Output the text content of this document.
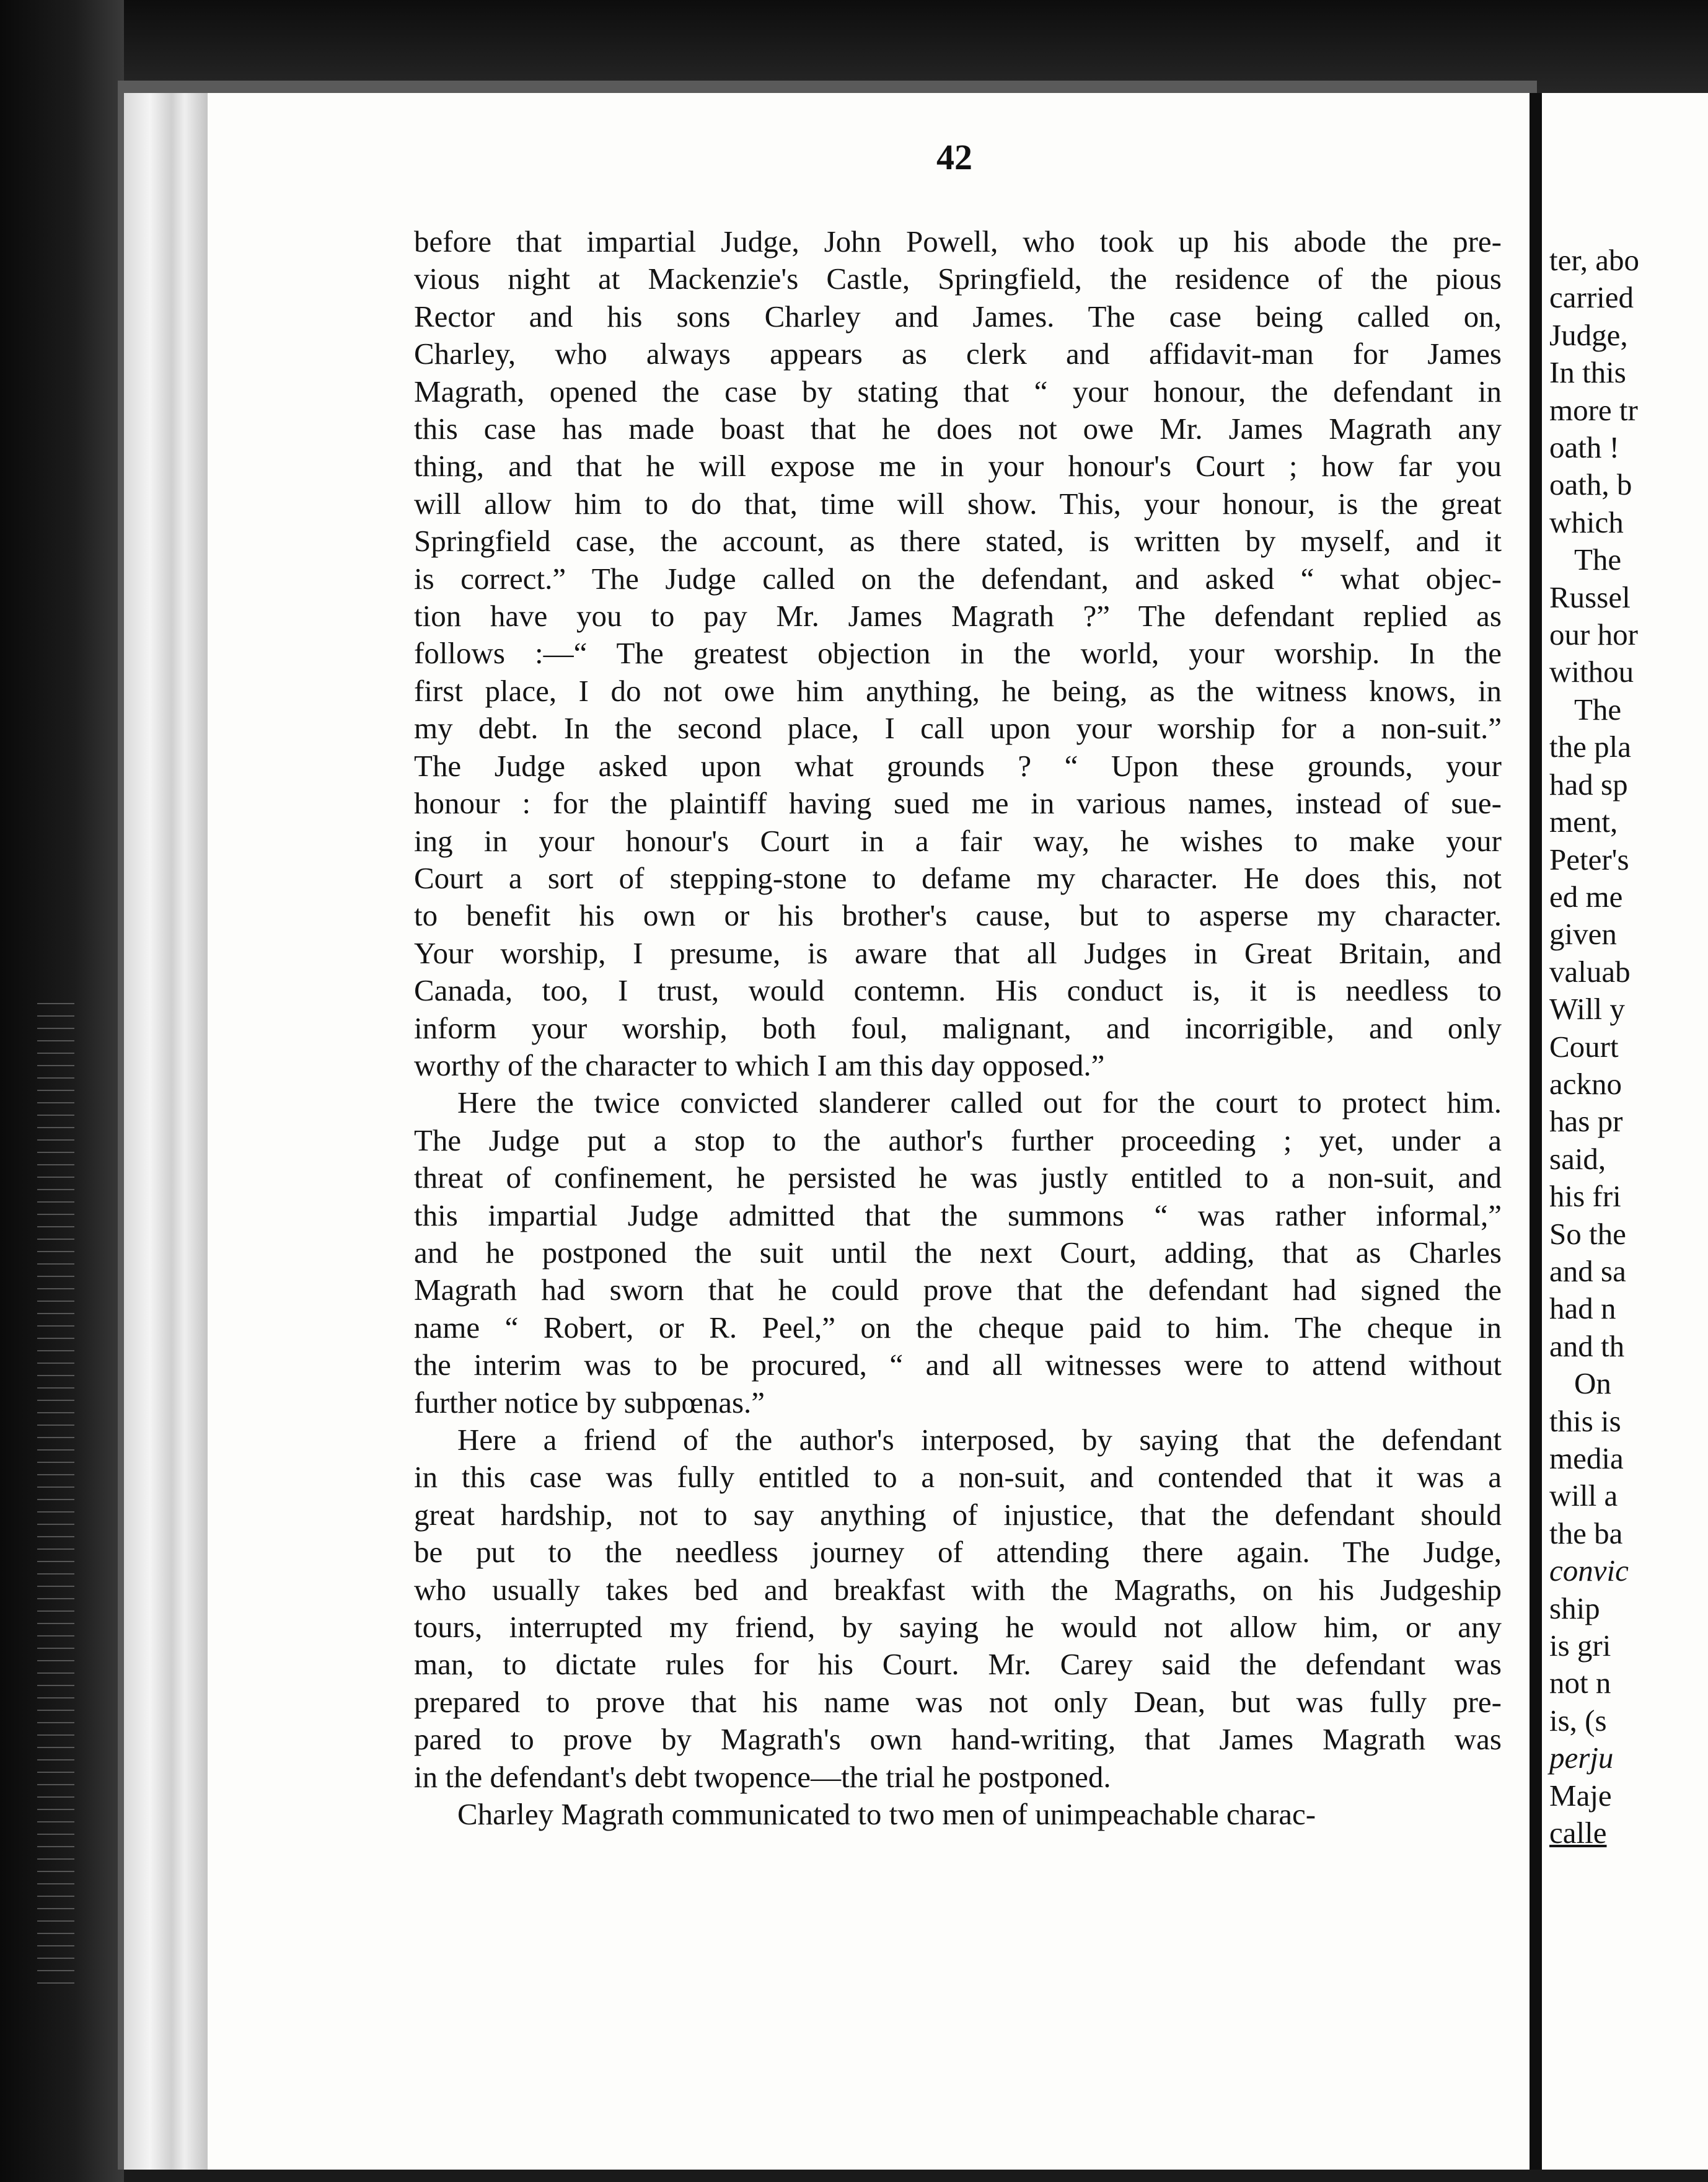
42
before that impartial Judge, John Powell, who took up his abode the pre-
vious night at Mackenzie's Castle, Springfield, the residence of the pious
Rector and his sons Charley and James. The case being called on,
Charley, who always appears as clerk and affidavit-man for James
Magrath, opened the case by stating that “ your honour, the defendant in
this case has made boast that he does not owe Mr. James Magrath any
thing, and that he will expose me in your honour's Court ; how far you
will allow him to do that, time will show. This, your honour, is the great
Springfield case, the account, as there stated, is written by myself, and it
is correct.” The Judge called on the defendant, and asked “ what objec-
tion have you to pay Mr. James Magrath ?” The defendant replied as
follows :—“ The greatest objection in the world, your worship. In the
first place, I do not owe him anything, he being, as the witness knows, in
my debt. In the second place, I call upon your worship for a non-suit.”
The Judge asked upon what grounds ? “ Upon these grounds, your
honour : for the plaintiff having sued me in various names, instead of sue-
ing in your honour's Court in a fair way, he wishes to make your
Court a sort of stepping-stone to defame my character. He does this, not
to benefit his own or his brother's cause, but to asperse my character.
Your worship, I presume, is aware that all Judges in Great Britain, and
Canada, too, I trust, would contemn. His conduct is, it is needless to
inform your worship, both foul, malignant, and incorrigible, and only
worthy of the character to which I am this day opposed.”
Here the twice convicted slanderer called out for the court to protect him.
The Judge put a stop to the author's further proceeding ; yet, under a
threat of confinement, he persisted he was justly entitled to a non-suit, and
this impartial Judge admitted that the summons “ was rather informal,”
and he postponed the suit until the next Court, adding, that as Charles
Magrath had sworn that he could prove that the defendant had signed the
name “ Robert, or R. Peel,” on the cheque paid to him. The cheque in
the interim was to be procured, “ and all witnesses were to attend without
further notice by subpœnas.”
Here a friend of the author's interposed, by saying that the defendant
in this case was fully entitled to a non-suit, and contended that it was a
great hardship, not to say anything of injustice, that the defendant should
be put to the needless journey of attending there again. The Judge,
who usually takes bed and breakfast with the Magraths, on his Judgeship
tours, interrupted my friend, by saying he would not allow him, or any
man, to dictate rules for his Court. Mr. Carey said the defendant was
prepared to prove that his name was not only Dean, but was fully pre-
pared to prove by Magrath's own hand-writing, that James Magrath was
in the defendant's debt twopence—the trial he postponed.
Charley Magrath communicated to two men of unimpeachable charac-
ter, abo
carried
Judge,
In this
more tr
oath !
oath, b
which
The
Russel
our hor
withou
The
the pla
had sp
ment,
Peter's
ed me
given
valuab
Will y
Court
ackno
has pr
said,
his fri
So the
and sa
had n
and th
On
this is
media
will a
the ba
convic
ship
is gri
not n
is, (s
perju
Maje
calle
